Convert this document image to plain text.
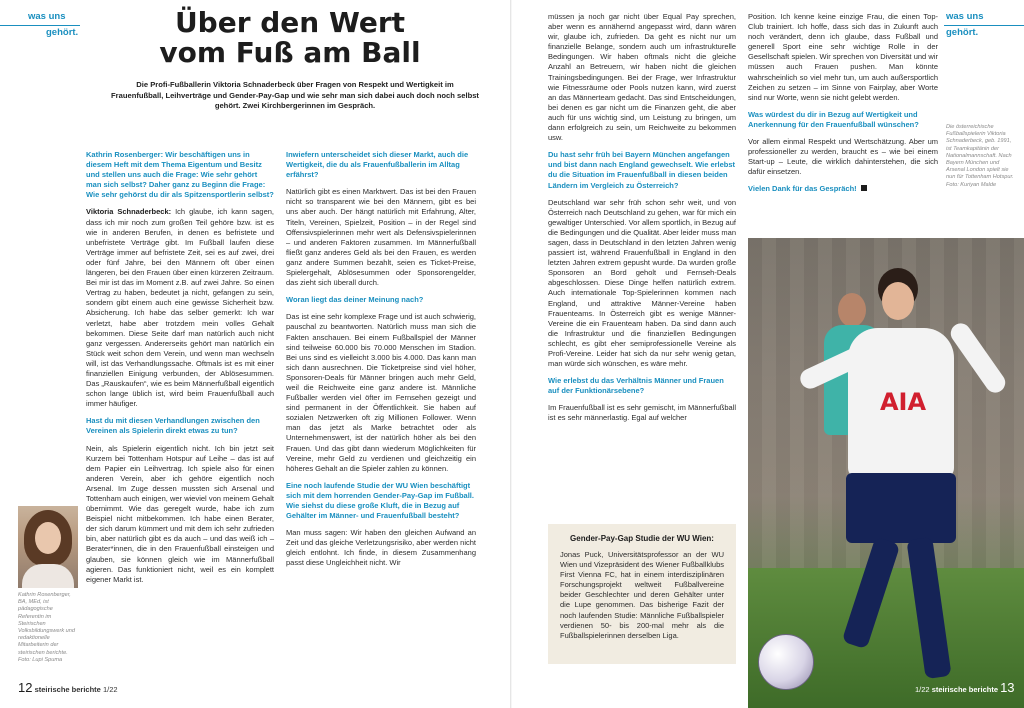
was uns
gehört.	Über den Wert
vom Fuß am Ball
Die Profi-Fußballerin Viktoria Schnaderbeck über Fragen von Respekt und Wertigkeit im Frauenfußball, Leihverträge und Gender-Pay-Gap und wie sehr man sich dabei auch doch noch selbst gehört. Zwei Kirchbergerinnen im Gespräch.

Kathrin Rosenberger: Wir beschäftigen uns in diesem Heft mit dem Thema Eigentum und Besitz und stellen uns auch die Frage: Wie sehr gehört man sich selbst? Daher ganz zu Beginn die Frage: Wie sehr gehörst du dir als Spitzensportlerin selbst?

Viktoria Schnaderbeck: Ich glaube, ich kann sagen, dass ich mir noch zum großen Teil gehöre bzw. ist es wie in anderen Berufen, in denen es befristete und unbefristete Verträge gibt. Im Fußball laufen diese Verträge immer auf befristete Zeit, sei es auf zwei, drei oder fünf Jahre, bei den Männern oft über einen längeren, bei den Frauen über einen kürzeren Zeitraum. Bei mir ist das im Moment z.B. auf zwei Jahre. So einen Vertrag zu haben, bedeutet ja nicht, gefangen zu sein, sondern gibt einem auch eine gewisse Sicherheit bzw. Absicherung. Ich habe das selber gemerkt: Ich war verletzt, habe aber trotzdem mein volles Gehalt bekommen. Diese Seite darf man natürlich auch nicht ganz vergessen. Andererseits gehört man natürlich ein Stück weit schon dem Verein, und wenn man wechseln will, ist das Verhandlungssache. Oftmals ist es mit einer finanziellen Einigung verbunden, der Ablösesummen. Das „Rauskaufen“, wie es beim Männerfußball eigentlich schon lange üblich ist, wird beim Frauenfußball auch immer häufiger.

Hast du mit diesen Verhandlungen zwischen den Vereinen als Spielerin direkt etwas zu tun?

Nein, als Spielerin eigentlich nicht. Ich bin jetzt seit Kurzem bei Tottenham Hotspur auf Leihe – das ist auf dem Papier ein Leihvertrag. Ich spiele also für einen anderen Verein, aber ich gehöre eigentlich noch Arsenal. Im Zuge dessen mussten sich Arsenal und Tottenham auch einigen, wer wieviel von meinem Gehalt übernimmt. Wie das geregelt wurde, habe ich zum Beispiel nicht mitbekommen. Ich habe einen Berater, der sich darum kümmert und mit dem ich sehr zufrieden bin, aber natürlich gibt es da auch – und das weiß ich – Berater*innen, die in den Frauenfußball einsteigen und glauben, sie können gleich wie im Männerfußball agieren. Das funktioniert nicht, weil es ein komplett eigener Markt ist.

Inwiefern unterscheidet sich dieser Markt, auch die Wertigkeit, die du als Frauenfußballerin im Alltag erfährst?

Natürlich gibt es einen Marktwert. Das ist bei den Frauen nicht so transparent wie bei den Männern, gibt es bei uns aber auch. Der hängt natürlich mit Erfahrung, Alter, Titeln, Vereinen, Spielzeit, Position – in der Regel sind Offensivspielerinnen mehr wert als Defensivspielerinnen – und anderen Faktoren zusammen. Im Männerfußball fließt ganz anderes Geld als bei den Frauen, es werden ganz andere Summen bezahlt, seien es Ticket-Preise, Spielergehalt, Ablösesummen oder Sponsorengelder, das zieht sich überall durch.

Woran liegt das deiner Meinung nach?

Das ist eine sehr komplexe Frage und ist auch schwierig, pauschal zu beantworten. Natürlich muss man sich die Fakten anschauen. Bei einem Fußballspiel der Männer sind teilweise 60.000 bis 70.000 Menschen im Stadion. Bei uns sind es vielleicht 3.000 bis 4.000. Das kann man sich dann ausrechnen. Die Ticketpreise sind viel höher, Sponsoren-Deals für Männer bringen auch mehr Geld, weil die Reichweite eine ganz andere ist. Männliche Fußballer werden viel öfter im Fernsehen gezeigt und sind permanent in der Öffentlichkeit. Sie haben auf sozialen Netzwerken oft zig Millionen Follower. Wenn man das jetzt als Marke betrachtet oder als Unternehmenswert, ist der natürlich höher als bei den Frauen. Und das gibt dann wiederum Möglichkeiten für Vereine, mehr Geld zu verdienen und gleichzeitig ein höheres Gehalt an die Spieler zahlen zu können.

Eine noch laufende Studie der WU Wien beschäftigt sich mit dem horrenden Gender-Pay-Gap im Fußball. Wie siehst du diese große Kluft, die in Bezug auf Gehälter im Männer- und Frauenfußball besteht?

Man muss sagen: Wir haben den gleichen Aufwand an Zeit und das gleiche Verletzungsrisiko, aber werden nicht gleich entlohnt. Ich finde, in diesem Zusammenhang passt diese Ungleichheit nicht. Wir

Kathrin Rosenberger, BA, MEd, ist pädagogische Referentin im Steirischen Volksbildungswerk und redaktionelle Mitarbeiterin der steirischen berichte. Foto: Lupi Spuma
12 steirische berichte 1/22
was uns
gehört.

müssen ja noch gar nicht über Equal Pay sprechen, aber wenn es annähernd angepasst wird, dann wären wir, glaube ich, zufrieden. Da geht es nicht nur um finanzielle Belange, sondern auch um infrastrukturelle Bedingungen. Wir haben oftmals nicht die gleiche Anzahl an Betreuern, wir haben nicht die gleichen Trainingsbedingungen. Bei der Frage, wer Infrastruktur wie Fitnessräume oder Pools nutzen kann, wird zuerst an das Männerteam gedacht. Das sind Entscheidungen, bei denen es gar nicht um die Finanzen geht, die aber auch für uns wichtig sind, um Leistung zu bringen, um dann erfolgreich zu sein, um Reichweite zu bekommen usw.

Du hast sehr früh bei Bayern München angefangen und bist dann nach England gewechselt. Wie erlebst du die Situation im Frauenfußball in diesen beiden Ländern im Vergleich zu Österreich?

Deutschland war sehr früh schon sehr weit, und von Österreich nach Deutschland zu gehen, war für mich ein gewaltiger Unterschied. Vor allem sportlich, in Bezug auf die Bedingungen und die Qualität. Aber leider muss man sagen, dass in Deutschland in den letzten Jahren wenig passiert ist, während Frauenfußball in England in den letzten Jahren extrem gepusht wurde. Da wurden große Sponsoren an Bord geholt und Fernseh-Deals abgeschlossen. Diese Dinge helfen natürlich extrem. Auch internationale Top-Spielerinnen kommen nach England, und attraktive Männer-Vereine haben Frauenteams. In Österreich gibt es wenige Männer-Vereine die ein Frauenteam haben. Da sind dann auch die Infrastruktur und die finanziellen Bedingungen schlecht, es gibt eher semiprofessionelle Vereine als Profi-Vereine. Leider hat sich da nur sehr wenig getan, man würde sich wünschen, es wäre mehr.

Wie erlebst du das Verhältnis Männer und Frauen auf der Funktionärsebene?

Im Frauenfußball ist es sehr gemischt, im Männerfußball ist es sehr männerlastig. Egal auf welcher

Position. Ich kenne keine einzige Frau, die einen Top-Club trainiert. Ich hoffe, dass sich das in Zukunft auch noch verändert, denn ich glaube, dass Fußball und generell Sport eine sehr wichtige Rolle in der Gesellschaft spielen. Wir sprechen von Diversität und wir müssen auch Frauen pushen. Man könnte wahrscheinlich so viel mehr tun, um auch außersportlich Zeichen zu setzen – im Sinne von Fairplay, aber Worte sind nur Worte, wenn sie nicht gelebt werden.

Was würdest du dir in Bezug auf Wertigkeit und Anerkennung für den Frauenfußball wünschen?

Vor allem einmal Respekt und Wertschätzung. Aber um professioneller zu werden, braucht es – wie bei einem Start-up – Leute, die wirklich dahinterstehen, die sich dafür einsetzen.

Vielen Dank für das Gespräch!

Die österreichische Fußballspielerin Viktoria Schnaderbeck, geb. 1991, ist Teamkapitänin der Nationalmannschaft. Nach Bayern München und Arsenal London spielt sie nun für Tottenham Hotspur. Foto: Kuriyan Malde
Gender-Pay-Gap Studie der WU Wien:
Jonas Puck, Universitätsprofessor an der WU Wien und Vizepräsident des Wiener Fußballklubs First Vienna FC, hat in einem interdisziplinären Forschungsprojekt weltweit Fußballvereine beider Geschlechter und deren Gehälter unter die Lupe genommen. Das bisherige Fazit der noch laufenden Studie: Männliche Fußballspieler verdienen 50- bis 200-mal mehr als die Fußballspielerinnen derselben Liga.
AIA
1/22 steirische berichte 13
